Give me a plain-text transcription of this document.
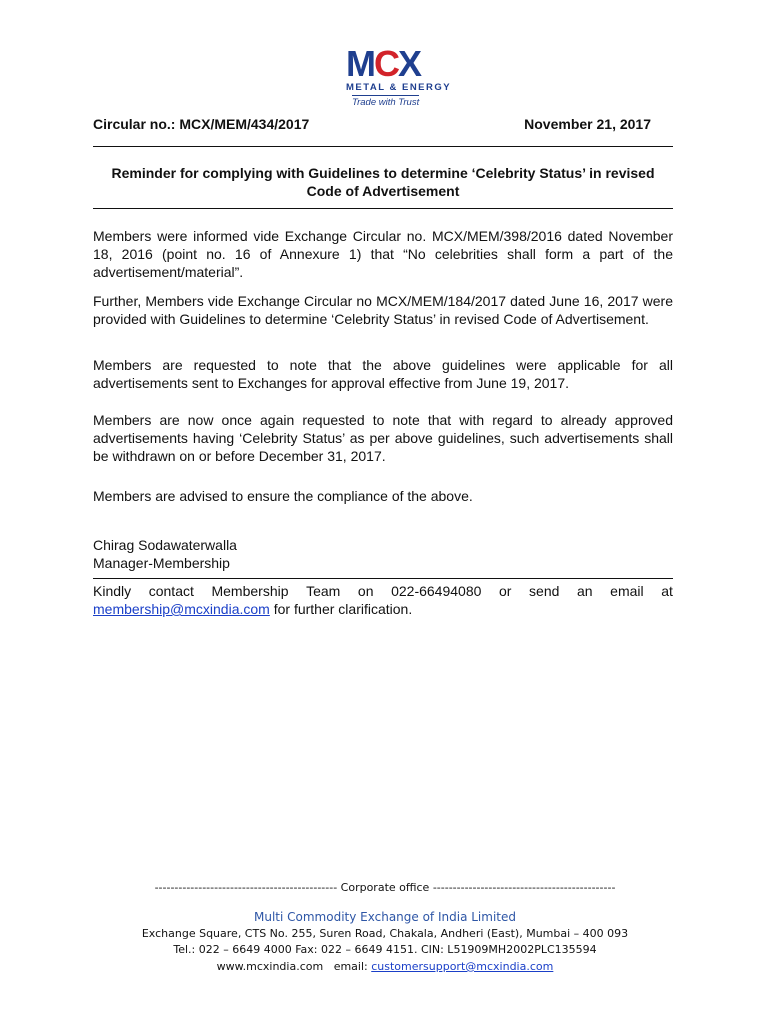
MCX
METAL & ENERGY
Trade with Trust
Circular no.: MCX/MEM/434/2017	November 21, 2017
Reminder for complying with Guidelines to determine ‘Celebrity Status’ in revised Code of Advertisement
Members were informed vide Exchange Circular no. MCX/MEM/398/2016 dated November 18, 2016 (point no. 16 of Annexure 1) that “No celebrities shall form a part of the advertisement/material”.
Further, Members vide Exchange Circular no MCX/MEM/184/2017 dated June 16, 2017 were provided with Guidelines to determine ‘Celebrity Status’ in revised Code of Advertisement.
Members are requested to note that the above guidelines were applicable for all advertisements sent to Exchanges for approval effective from June 19, 2017.
Members are now once again requested to note that with regard to already approved advertisements having ‘Celebrity Status’ as per above guidelines, such advertisements shall be withdrawn on or before December 31, 2017.
Members are advised to ensure the compliance of the above.
Chirag Sodawaterwalla
Manager-Membership
Kindly contact Membership Team on 022-66494080 or send an email at
membership@mcxindia.com for further clarification.
---------------------------------------------- Corporate office ----------------------------------------------
Multi Commodity Exchange of India Limited
Exchange Square, CTS No. 255, Suren Road, Chakala, Andheri (East), Mumbai – 400 093
Tel.: 022 – 6649 4000 Fax: 022 – 6649 4151. CIN: L51909MH2002PLC135594
www.mcxindia.com email: customersupport@mcxindia.com
